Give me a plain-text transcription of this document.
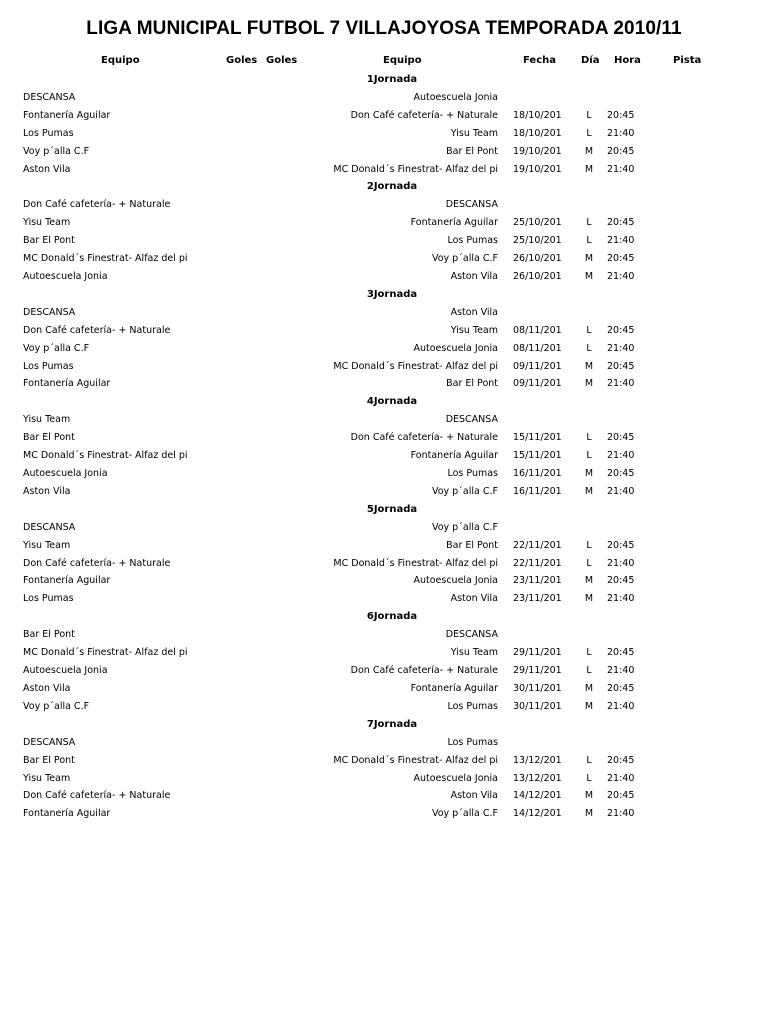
LIGA MUNICIPAL FUTBOL 7 VILLAJOYOSA TEMPORADA 2010/11
Equipo	Goles Goles	Equipo	Fecha Día Hora	Pista
1Jornada
DESCANSA	Autoescuela Jonia
Fontanería Aguilar	Don Café cafetería- + Naturale 18/10/201	L 20:45
Los Pumas	Yisu Team 18/10/201	L 21:40
Voy p´alla C.F	Bar El Pont 19/10/201 M 20:45
Aston Vila	MC Donald´s Finestrat- Alfaz del pi 19/10/201 M 21:40
2Jornada
Don Café cafetería- + Naturale	DESCANSA
Yisu Team	Fontanería Aguilar 25/10/201	L 20:45
Bar El Pont	Los Pumas 25/10/201	L 21:40
MC Donald´s Finestrat- Alfaz del pi	Voy p´alla C.F 26/10/201 M 20:45
Autoescuela Jonia	Aston Vila 26/10/201 M 21:40
3Jornada
DESCANSA	Aston Vila
Don Café cafetería- + Naturale	Yisu Team 08/11/201	L 20:45
Voy p´alla C.F	Autoescuela Jonia 08/11/201	L 21:40
Los Pumas	MC Donald´s Finestrat- Alfaz del pi 09/11/201 M 20:45
Fontanería Aguilar	Bar El Pont 09/11/201 M 21:40
4Jornada
Yisu Team	DESCANSA
Bar El Pont	Don Café cafetería- + Naturale 15/11/201	L 20:45
MC Donald´s Finestrat- Alfaz del pi	Fontanería Aguilar 15/11/201	L 21:40
Autoescuela Jonia	Los Pumas 16/11/201 M 20:45
Aston Vila	Voy p´alla C.F 16/11/201 M 21:40
5Jornada
DESCANSA	Voy p´alla C.F
Yisu Team	Bar El Pont 22/11/201	L 20:45
Don Café cafetería- + Naturale	MC Donald´s Finestrat- Alfaz del pi 22/11/201	L 21:40
Fontanería Aguilar	Autoescuela Jonia 23/11/201 M 20:45
Los Pumas	Aston Vila 23/11/201 M 21:40
6Jornada
Bar El Pont	DESCANSA
MC Donald´s Finestrat- Alfaz del pi	Yisu Team 29/11/201	L 20:45
Autoescuela Jonia	Don Café cafetería- + Naturale 29/11/201	L 21:40
Aston Vila	Fontanería Aguilar 30/11/201 M 20:45
Voy p´alla C.F	Los Pumas 30/11/201 M 21:40
7Jornada
DESCANSA	Los Pumas
Bar El Pont	MC Donald´s Finestrat- Alfaz del pi 13/12/201	L 20:45
Yisu Team	Autoescuela Jonia 13/12/201	L 21:40
Don Café cafetería- + Naturale	Aston Vila 14/12/201 M 20:45
Fontanería Aguilar	Voy p´alla C.F 14/12/201 M 21:40
